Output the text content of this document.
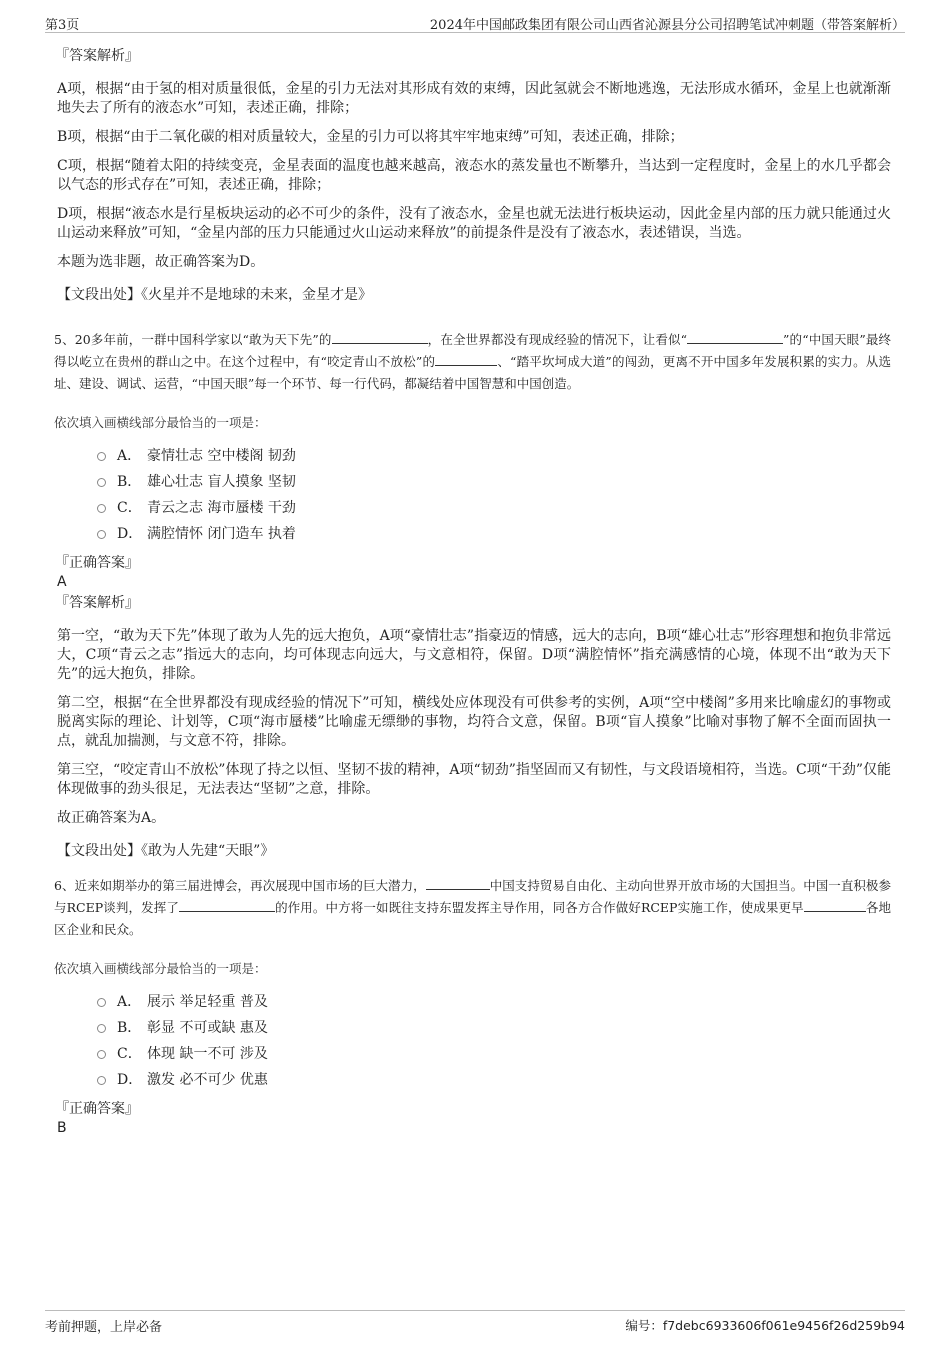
第3页	2024年中国邮政集团有限公司山西省沁源县分公司招聘笔试冲刺题（带答案解析）

『答案解析』

A项，根据“由于氢的相对质量很低，金星的引力无法对其形成有效的束缚，因此氢就会不断地逃逸，无法形成水循环，金星上也就渐渐地失去了所有的液态水”可知，表述正确，排除；

B项，根据“由于二氧化碳的相对质量较大，金星的引力可以将其牢牢地束缚”可知，表述正确，排除；

C项，根据“随着太阳的持续变亮，金星表面的温度也越来越高，液态水的蒸发量也不断攀升，当达到一定程度时，金星上的水几乎都会以气态的形式存在”可知，表述正确，排除；

D项，根据“液态水是行星板块运动的必不可少的条件，没有了液态水，金星也就无法进行板块运动，因此金星内部的压力就只能通过火山运动来释放”可知，“金星内部的压力只能通过火山运动来释放”的前提条件是没有了液态水，表述错误，当选。

本题为选非题，故正确答案为D。

【文段出处】《火星并不是地球的未来，金星才是》

5、20多年前，一群中国科学家以“敢为天下先”的	，在全世界都没有现成经验的情况下，让看似“	”的“中国天眼”最终得以屹立在贵州的群山之中。在这个过程中，有“咬定青山不放松”的	、“踏平坎坷成大道”的闯劲，更离不开中国多年发展积累的实力。从选址、建设、调试、运营，“中国天眼”每一个环节、每一行代码，都凝结着中国智慧和中国创造。

依次填入画横线部分最恰当的一项是：

A． 豪情壮志 空中楼阁 韧劲
B． 雄心壮志 盲人摸象 坚韧
C． 青云之志 海市蜃楼 干劲
D． 满腔情怀 闭门造车 执着

『正确答案』

A

『答案解析』

第一空，“敢为天下先”体现了敢为人先的远大抱负，A项“豪情壮志”指豪迈的情感，远大的志向，B项“雄心壮志”形容理想和抱负非常远大，C项“青云之志”指远大的志向，均可体现志向远大，与文意相符，保留。D项“满腔情怀”指充满感情的心境，体现不出“敢为天下先”的远大抱负，排除。

第二空，根据“在全世界都没有现成经验的情况下”可知，横线处应体现没有可供参考的实例，A项“空中楼阁”多用来比喻虚幻的事物或脱离实际的理论、计划等，C项“海市蜃楼”比喻虚无缥缈的事物，均符合文意，保留。B项“盲人摸象”比喻对事物了解不全面而固执一点，就乱加揣测，与文意不符，排除。

第三空，“咬定青山不放松”体现了持之以恒、坚韧不拔的精神，A项“韧劲”指坚固而又有韧性，与文段语境相符，当选。C项“干劲”仅能体现做事的劲头很足，无法表达“坚韧”之意，排除。

故正确答案为A。

【文段出处】《敢为人先建“天眼”》

6、近来如期举办的第三届进博会，再次展现中国市场的巨大潜力，	中国支持贸易自由化、主动向世界开放市场的大国担当。中国一直积极参与RCEP谈判，发挥了	的作用。中方将一如既往支持东盟发挥主导作用，同各方合作做好RCEP实施工作，使成果更早	各地区企业和民众。

依次填入画横线部分最恰当的一项是：

A． 展示 举足轻重 普及
B． 彰显 不可或缺 惠及
C． 体现 缺一不可 涉及
D． 激发 必不可少 优惠

『正确答案』

B

考前押题，上岸必备	编号：f7debc6933606f061e9456f26d259b94
